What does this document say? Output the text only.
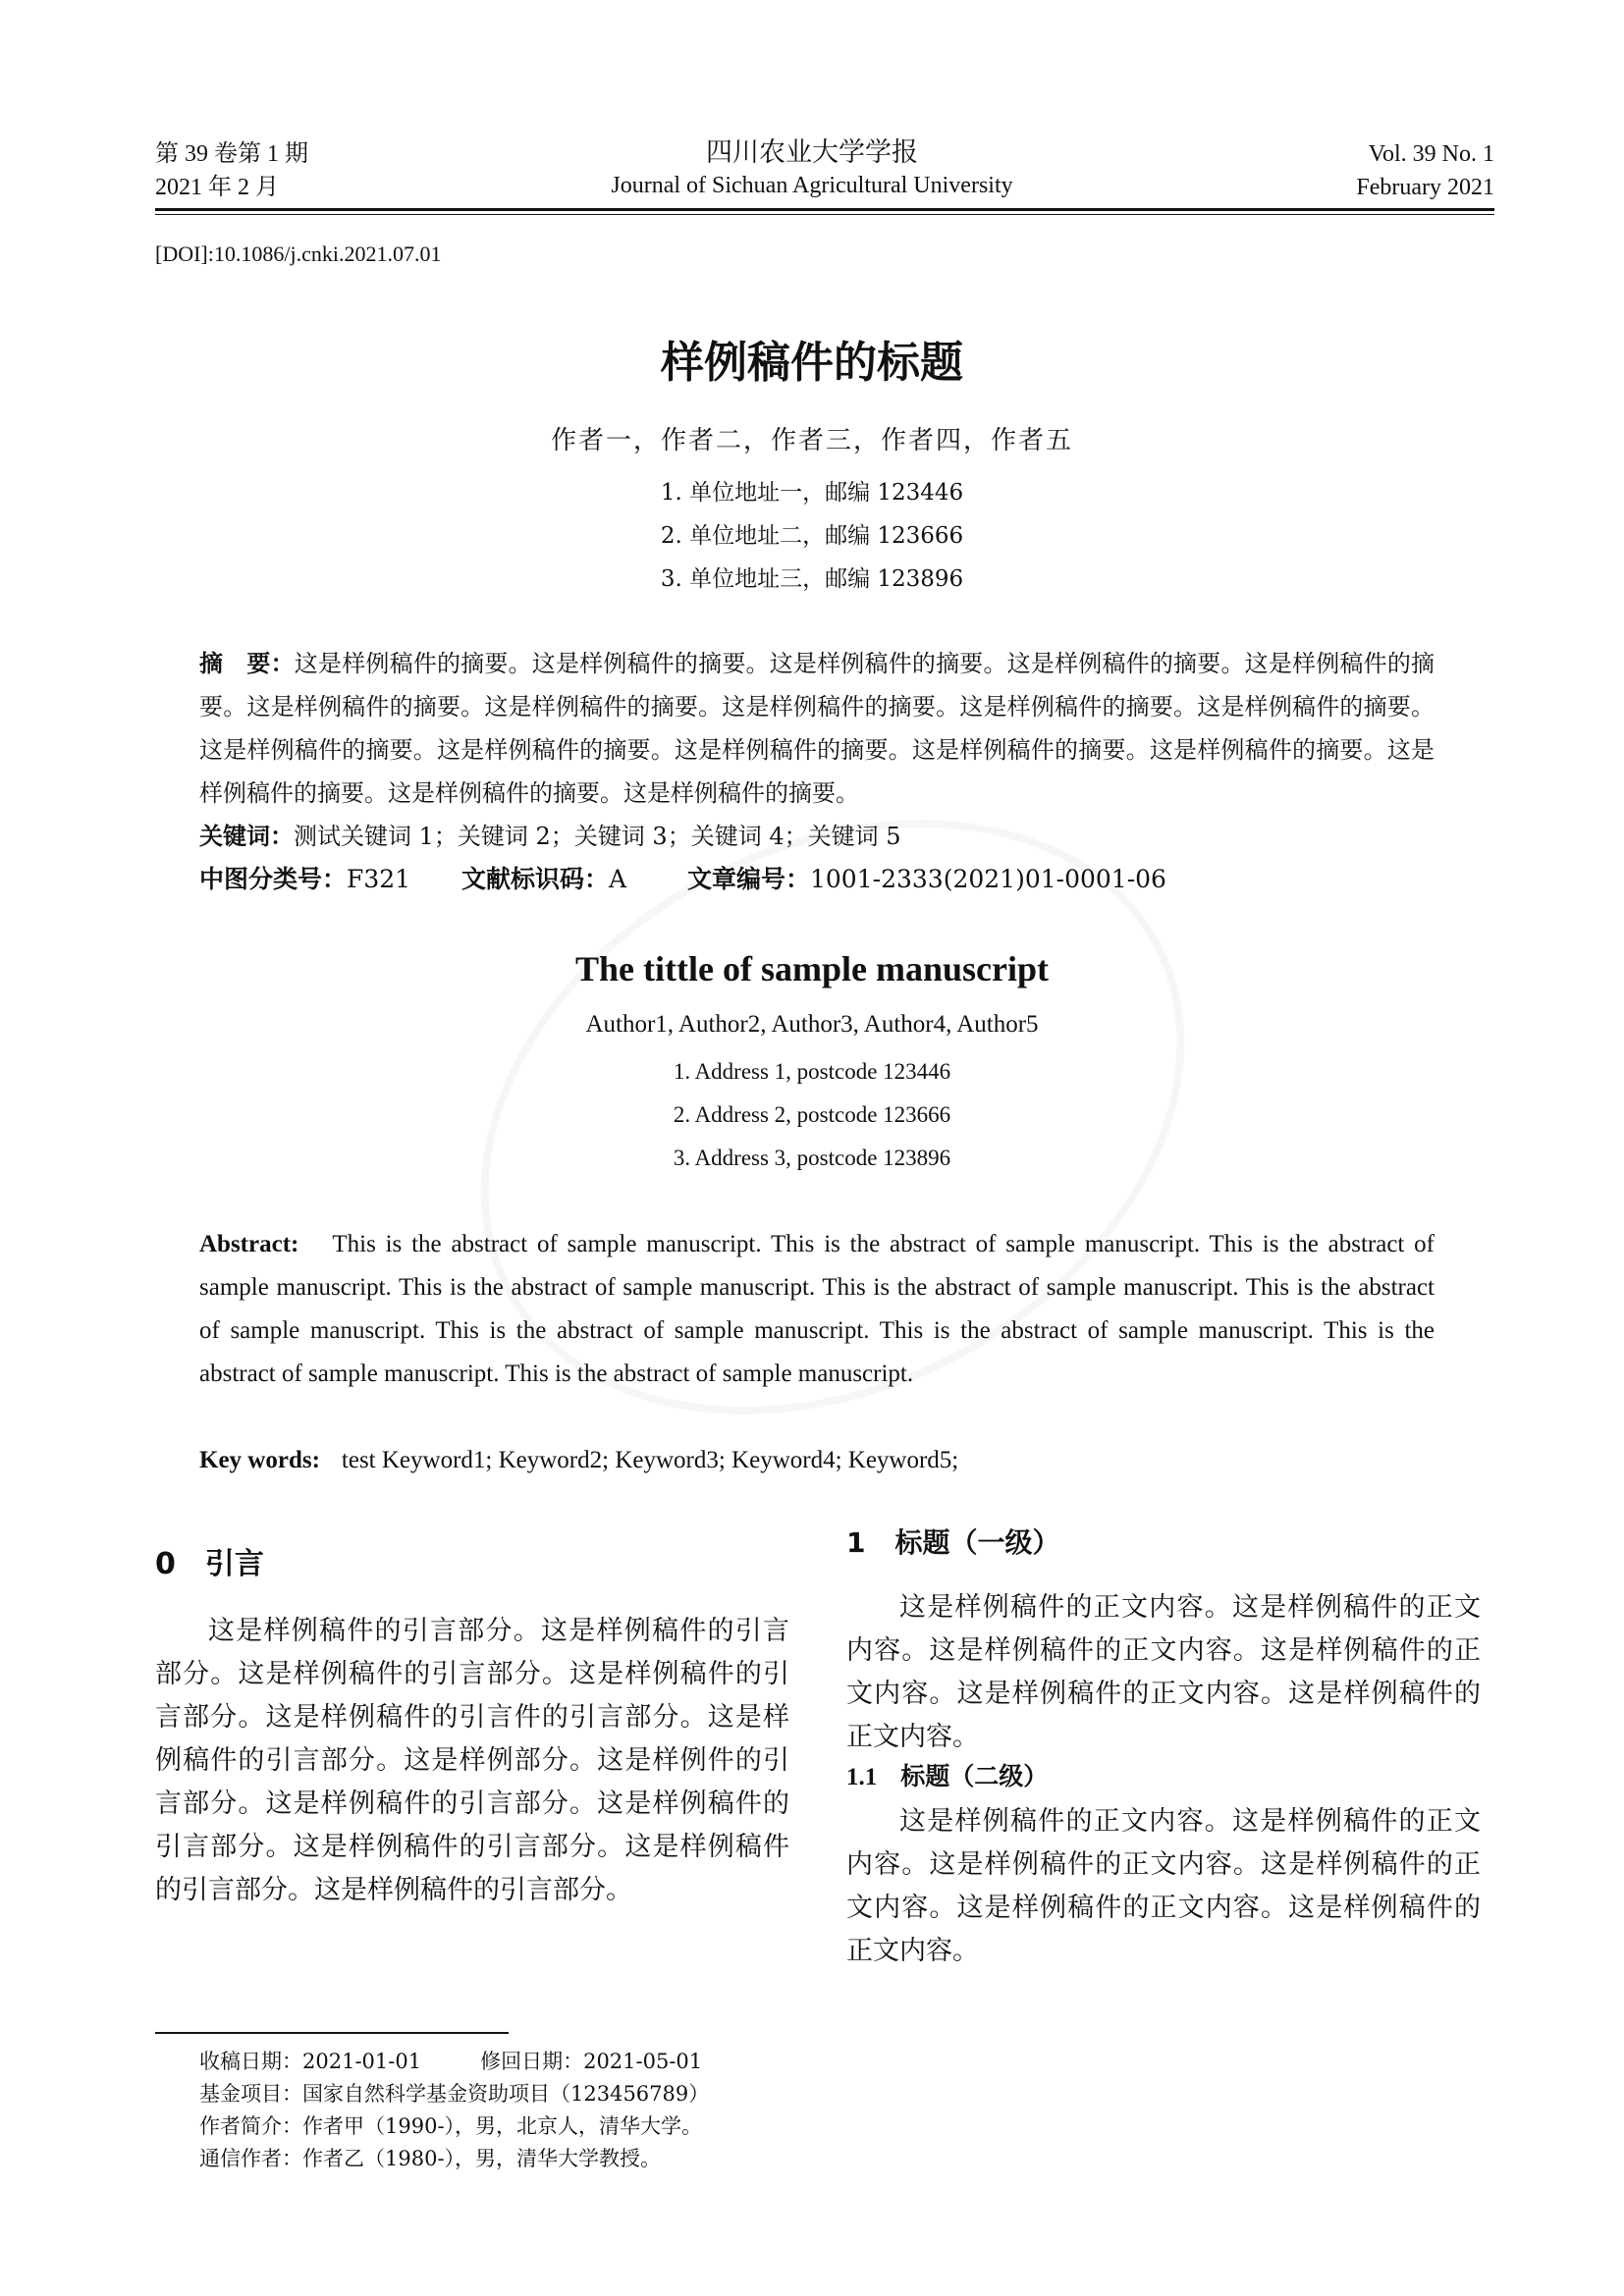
第 39 卷第 1 期
2021 年 2 月
四川农业大学学报
Journal of Sichuan Agricultural University
Vol. 39 No. 1
February 2021
[DOI]:10.1086/j.cnki.2021.07.01
样例稿件的标题
作者一，作者二，作者三，作者四，作者五
1. 单位地址一，邮编 123446
2. 单位地址二，邮编 123666
3. 单位地址三，邮编 123896
摘　要：这是样例稿件的摘要。这是样例稿件的摘要。这是样例稿件的摘要。这是样例稿件的摘要。这是样例稿件的摘要。这是样例稿件的摘要。这是样例稿件的摘要。这是样例稿件的摘要。这是样例稿件的摘要。这是样例稿件的摘要。这是样例稿件的摘要。这是样例稿件的摘要。这是样例稿件的摘要。这是样例稿件的摘要。这是样例稿件的摘要。这是样例稿件的摘要。这是样例稿件的摘要。这是样例稿件的摘要。
关键词：测试关键词 1；关键词 2；关键词 3；关键词 4；关键词 5
中图分类号：F321 文献标识码：A 文章编号：1001-2333(2021)01-0001-06
The tittle of sample manuscript
Author1, Author2, Author3, Author4, Author5
1. Address 1, postcode 123446
2. Address 2, postcode 123666
3. Address 3, postcode 123896
Abstract: This is the abstract of sample manuscript. This is the abstract of sample manuscript. This is the abstract of sample manuscript. This is the abstract of sample manuscript. This is the abstract of sample manuscript. This is the abstract of sample manuscript. This is the abstract of sample manuscript. This is the abstract of sample manuscript. This is the abstract of sample manuscript. This is the abstract of sample manuscript.
Key words: test Keyword1; Keyword2; Keyword3; Keyword4; Keyword5;
0 引言
这是样例稿件的引言部分。这是样例稿件的引言部分。这是样例稿件的引言部分。这是样例稿件的引言部分。这是样例稿件的引言件的引言部分。这是样例稿件的引言部分。这是样例部分。这是样例件的引言部分。这是样例稿件的引言部分。这是样例稿件的引言部分。这是样例稿件的引言部分。这是样例稿件的引言部分。这是样例稿件的引言部分。
1 标题（一级）
这是样例稿件的正文内容。这是样例稿件的正文内容。这是样例稿件的正文内容。这是样例稿件的正文内容。这是样例稿件的正文内容。这是样例稿件的正文内容。
1.1 标题（二级）
这是样例稿件的正文内容。这是样例稿件的正文内容。这是样例稿件的正文内容。这是样例稿件的正文内容。这是样例稿件的正文内容。这是样例稿件的正文内容。
收稿日期：2021-01-01	修回日期：2021-05-01
基金项目：国家自然科学基金资助项目（123456789）
作者简介：作者甲（1990-），男，北京人，清华大学。
通信作者：作者乙（1980-），男，清华大学教授。
